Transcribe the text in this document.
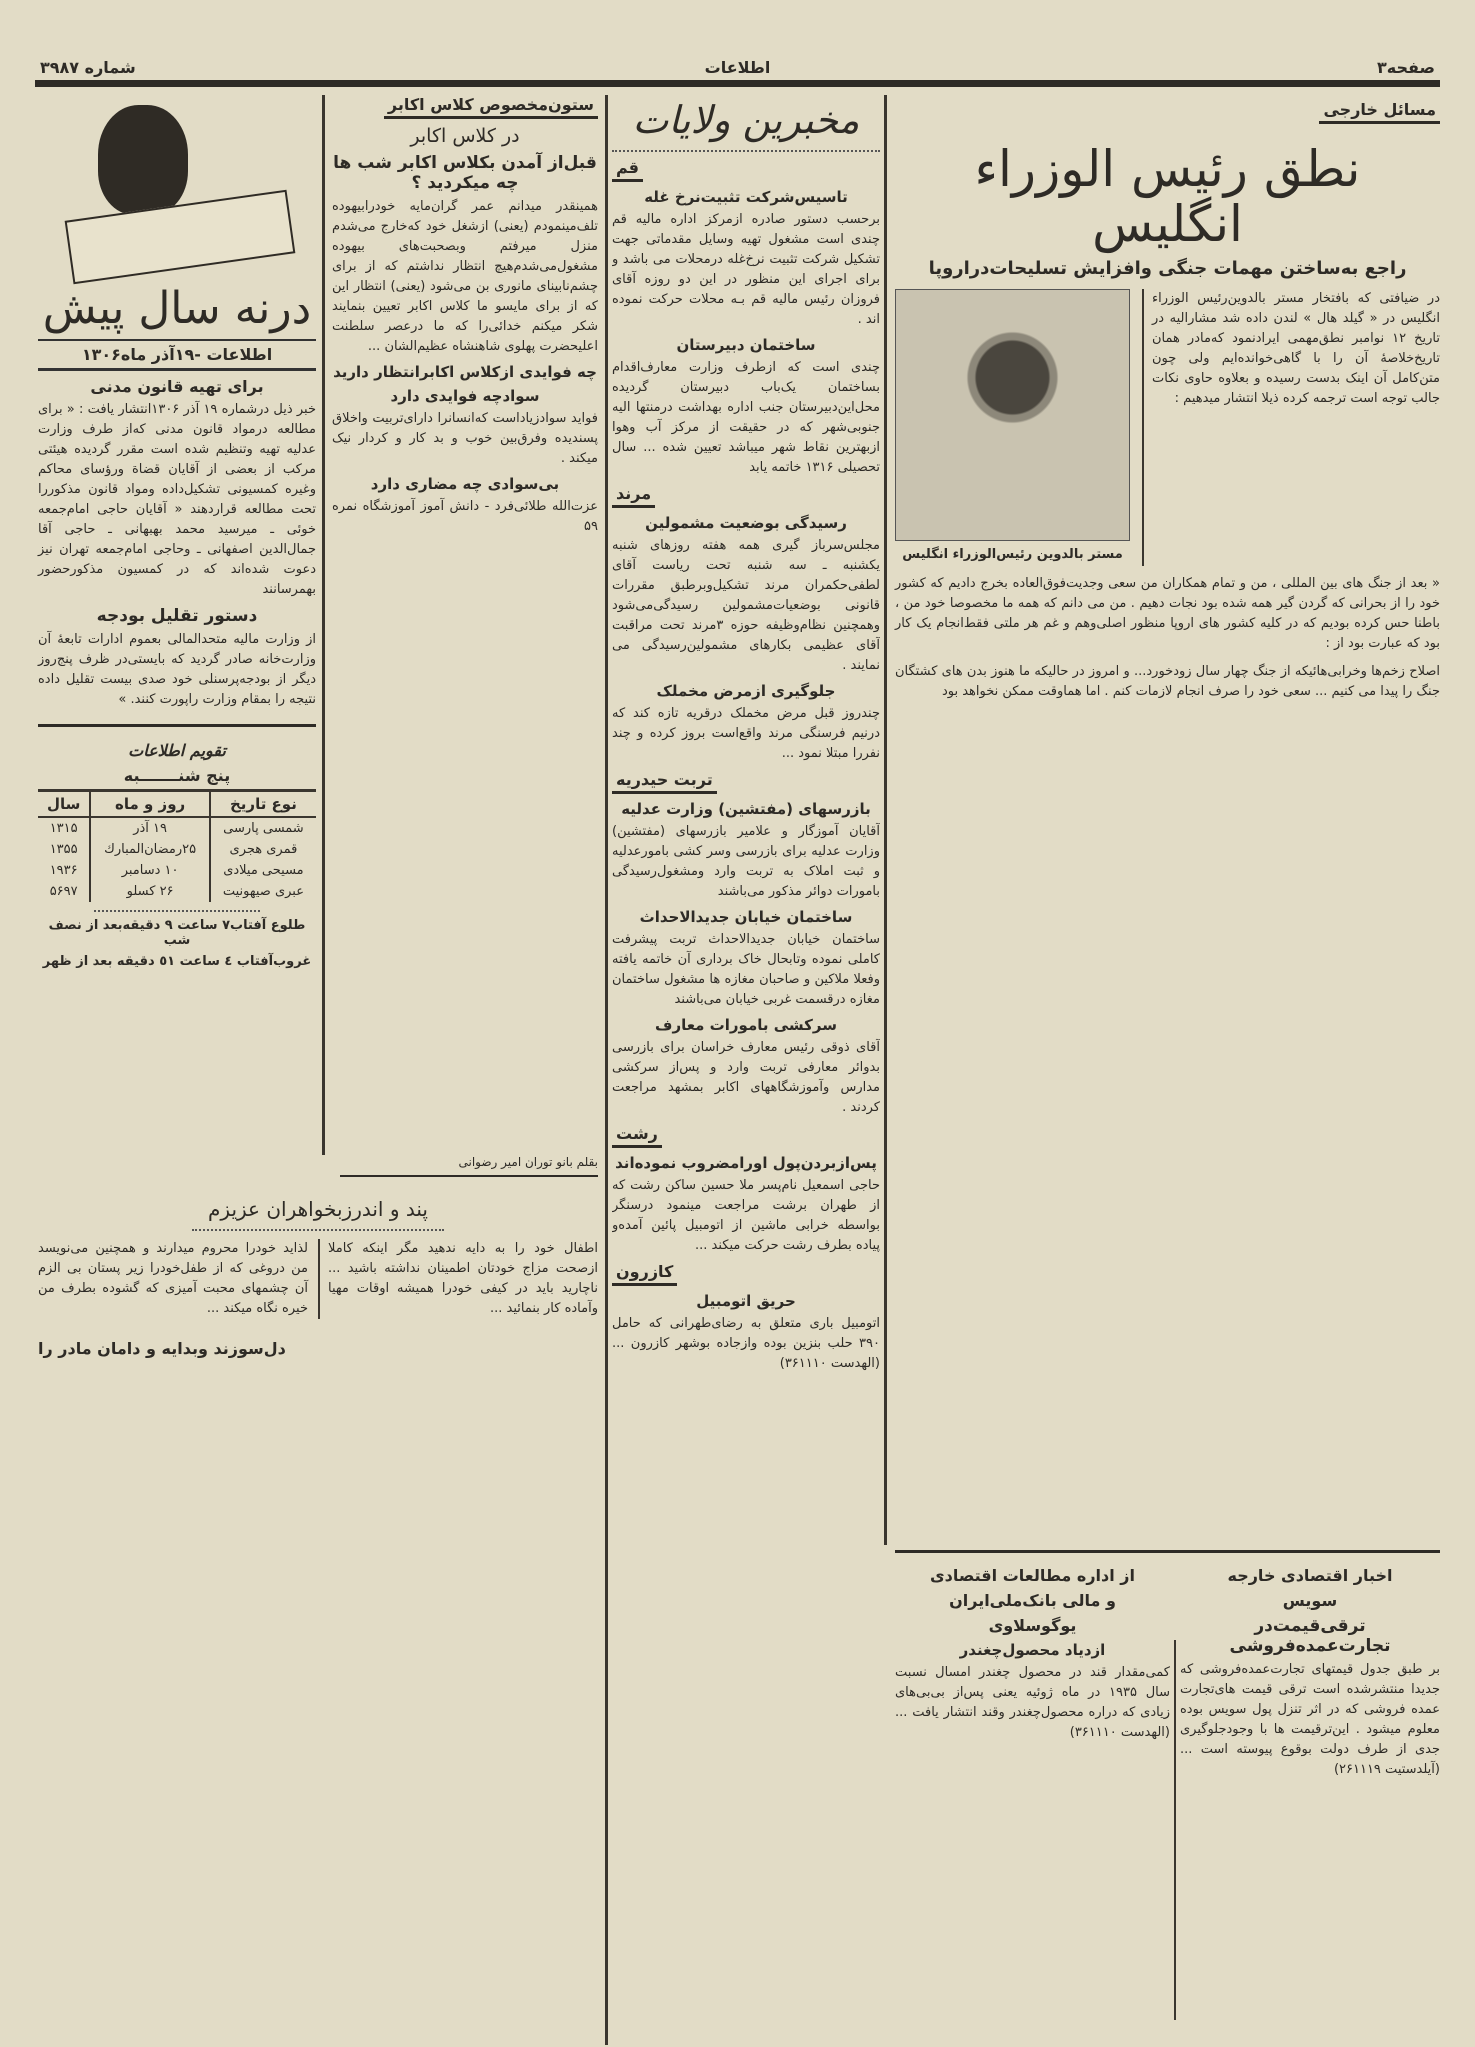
صفحه۳
اطلاعات
شماره ۳۹۸۷
مسائل خارجی
نطق رئیس الوزراء انگلیس
راجع به‌ساختن مهمات جنگی وافزایش تسلیحات‌دراروپا
در ضیافتی که بافتخار مستر بالدوین‌رئیس الوزراء انگلیس در « گیلد هال » لندن داده شد مشارالیه در تاریخ ۱۲ نوامبر نطق‌مهمی ایرادنمود که‌مادر همان تاریخ‌خلاصهٔ آن را با گاهی‌خوانده‌ایم ولی چون متن‌کامل آن اینک بدست رسیده و بعلاوه حاوی نکات جالب توجه است ترجمه کرده ذیلا انتشار میدهیم :
مستر بالدوین رئیس‌الوزراء انگلیس
« بعد از جنگ های بین المللی ، من و تمام همکاران من سعی وجدیت‌فوق‌العاده بخرج دادیم که کشور خود را از بحرانی که گردن گیر همه شده بود نجات دهیم . من می دانم که همه ما مخصوصا خود من ، باطنا حس کرده بودیم که در کلیه کشور های اروپا منظور اصلی‌وهم و غم هر ملتی فقط‌انجام یک کار بود که عبارت بود از :
اصلاح زخم‌ها وخرابی‌هائیکه از جنگ چهار سال زودخورد... و امروز در حالیکه ما هنوز بدن های کشتگان جنگ را پیدا می کنیم ... سعی خود را صرف انجام لازمات کنم . اما هماوقت ممکن نخواهد بود
مخبرین ولایات
قم
تاسیس‌شرکت تثبیت‌نرخ غله
برحسب دستور صادره ازمرکز اداره مالیه قم چندی است مشغول تهیه وسایل مقدماتی جهت تشکیل شرکت تثبیت نرخ‌غله درمحلات می باشد و برای اجرای این منظور در این دو روزه آقای فروزان رئیس مالیه قم بـه محلات حرکت نموده اند .
ساختمان دبیرستان
چندی است که ازطرف وزارت معارف‌اقدام بساختمان یک‌باب دبیرستان گردیده محل‌این‌دبیرستان جنب اداره بهداشت درمنتها الیه جنوبی‌شهر که در حقیقت از مرکز آب وهوا ازبهترین نقاط شهر میباشد تعیین شده ... سال تحصیلی ۱۳۱۶ خاتمه یابد
مرند
رسیدگی بوضعیت مشمولین
مجلس‌سرباز گیری همه هفته روزهای شنبه یکشنبه ـ سه شنبه تحت ریاست آقای لطفی‌حکمران مرند تشکیل‌وبرطبق مقررات قانونی بوضعیات‌مشمولین رسیدگی‌می‌شود وهمچنین نظام‌وظیفه حوزه ۳مرند تحت مراقبت آقای عظیمی بکارهای مشمولین‌رسیدگی می نمایند .
جلوگیری ازمرض مخملک
چندروز قبل مرض مخملک درقریه تازه کند که درنیم فرسنگی مرند واقع‌است بروز کرده و چند نفررا مبتلا نمود ...
تربت حیدریه
بازرسهای (مفتشین) وزارت عدلیه
آقایان آموزگار و علامیر بازرسهای (مفتشین) وزارت عدلیه برای بازرسی وسر کشی بامورعدلیه و ثبت املاک به تربت وارد ومشغول‌رسیدگی بامورات دوائر مذکور می‌باشند
ساختمان خیابان جدیدالاحداث
ساختمان خیابان جدیدالاحداث تربت پیشرفت کاملی نموده وتابحال خاک برداری آن خاتمه یافته وفعلا ملاکین و صاحبان مغازه ها مشغول ساختمان مغازه درقسمت غربی خیابان می‌باشند
سرکشی بامورات معارف
آقای ذوقی رئیس معارف خراسان برای بازرسی بدوائر معارفی تربت وارد و پس‌از سرکشی مدارس وآموزشگاههای اکابر بمشهد مراجعت کردند .
رشت
پس‌ازبردن‌پول اورامضروب نموده‌اند
حاجی اسمعیل نام‌پسر ملا حسین ساکن رشت که از طهران برشت مراجعت مینمود درسنگر بواسطه خرابی ماشین از اتومبیل پائین آمده‌و پیاده بطرف رشت حرکت میکند ...
کازرون
حریق اتومبیل
اتومبیل باری متعلق به رضای‌طهرانی که حامل ۳۹۰ حلب بنزین بوده وازجاده بوشهر کازرون ... (الهدست ۳۶۱۱۱۰)
ستون‌مخصوص کلاس اکابر
در کلاس اکابر
قبل‌از آمدن بکلاس اکابر شب ها چه میکردید ؟
همینقدر میدانم عمر گران‌مایه خودرابیهوده تلف‌مینمودم (یعنی) ازشغل خود که‌خارج می‌شدم منزل میرفتم وبصحبت‌های بیهوده مشغول‌می‌شدم‌هیچ انتظار نداشتم که از برای چشم‌نابینای مانوری بن می‌شود (یعنی) انتظار این که از برای مایسو ما کلاس اکابر تعیین بنمایند شکر میکنم خدائی‌را که ما درعصر سلطنت اعلیحضرت پهلوی شاهنشاه عظیم‌الشان ...
چه فوایدی ازکلاس اکابرانتظار دارید
سوادچه فوایدی دارد
فواید سوادزیاداست که‌انسانرا دارای‌تربیت واخلاق پسندیده وفرق‌بین خوب و بد کار و کردار نیک میکند .
بی‌سوادی چه مضاری دارد
عزت‌الله طلائی‌فرد - دانش آموز آموزشگاه نمره ۵۹
درنه سال پیش
اطلاعات -۱۹آذر ماه۱۳۰۶
برای تهیه قانون مدنی
خبر ذیل درشماره ۱۹ آذر ۱۳۰۶انتشار یافت : « برای مطالعه درمواد قانون مدنی که‌از طرف وزارت عدلیه تهیه وتنظیم شده است مقرر گردیده هیئتی مرکب از بعضی از آقایان قضاة ورؤسای محاکم وغیره کمسیونی تشکیل‌داده ومواد قانون مذکوررا تحت مطالعه قراردهند « آقایان حاجی امام‌جمعه خوئی ـ میرسید محمد بهبهانی ـ حاجی آقا جمال‌الدین اصفهانی ـ وحاجی امام‌جمعه تهران نیز دعوت شده‌اند که در کمسیون مذکورحضور بهمرسانند
دستور تقلیل بودجه
از وزارت مالیه متحدالمالی بعموم ادارات تابعهٔ آن وزارت‌خانه صادر گردید که بایستی‌در ظرف پنج‌روز دیگر از بودجه‌پرسنلی خود صدی بیست تقلیل داده نتیجه را بمقام وزارت راپورت کنند. »
تقویم اطلاعات
پنج شنـــــــبه
نوع تاریخ	روز و ماه	سال
شمسی پارسی	۱۹ آذر	۱۳۱۵
قمری هجری	۲۵رمضان‌المبارك	۱۳۵۵
مسیحی میلادی	۱۰ دسامبر	۱۹۳۶
عبری صیهونیت	۲۶ کسلو	۵۶۹۷
طلوع آفتاب۷ ساعت ۹ دقیقه‌بعد از نصف شب
غروب‌آفتاب ٤ ساعت ٥١ دقیقه بعد از ظهر
بقلم بانو توران امیر رضوانی
پند و اندرزبخواهران عزیزم
اطفال خود را به دایه ندهید مگر اینکه کاملا ازصحت مزاج خودتان اطمینان نداشته باشید ... ناچارید باید در کیفی خودرا همیشه اوقات مهیا وآماده کار بنمائید ...
لذاید خودرا محروم میدارند و همچنین می‌نویسد من دروغی که از طفل‌خودرا زیر پستان بی الزم آن چشمهای محبت آمیزی که گشوده بطرف من خیره نگاه میکند ...
دل‌سوزند وبدایه و دامان مادر را
اخبار اقتصادی خارجه
سویس
ترقی‌قیمت‌در تجارت‌عمده‌فروشی
بر طبق جدول قیمتهای تجارت‌عمده‌فروشی که جدیدا منتشرشده است ترقی قیمت های‌تجارت عمده فروشی که در اثر تنزل پول سویس بوده معلوم میشود . این‌ترقیمت ها با وجودجلوگیری جدی از طرف دولت بوقوع پیوسته است ... (آیلدستیت ۲۶۱۱۱۹)
از اداره مطالعات اقتصادی
و مالی بانک‌ملی‌ایران
یوگوسلاوی
ازدیاد محصول‌چغندر
کمی‌مقدار قند در محصول چغندر امسال نسبت سال ۱۹۳۵ در ماه ژوئیه یعنی پس‌از بی‌بی‌های زیادی که دراره محصول‌چغندر وقند انتشار یافت ... (الهدست ۳۶۱۱۱۰)
